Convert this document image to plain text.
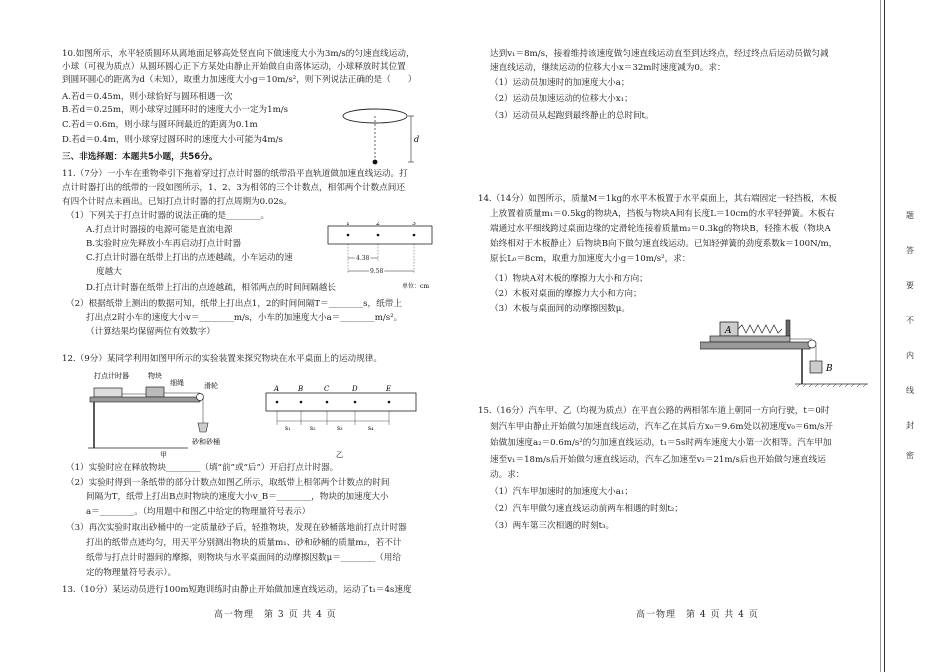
10.如图所示，水平轻质圆环从离地面足够高处竖直向下做速度大小为3m/s的匀速直线运动，
小球（可视为质点）从圆环圆心正下方某处由静止开始做自由落体运动，小球释放时其位置
到圆环圆心的距离为d（未知），取重力加速度大小g＝10m/s²，则下列说法正确的是（　　）
A.若d＝0.45m，则小球恰好与圆环相遇一次
B.若d＝0.25m，则小球穿过圆环时的速度大小一定为1m/s
C.若d＝0.6m，则小球与圆环间最近的距离为0.1m
D.若d＝0.4m，则小球穿过圆环时的速度大小可能为4m/s	d
三、非选择题：本题共5小题，共56分。
11.（7分）一小车在重物牵引下拖着穿过打点计时器的纸带沿平直轨道做加速直线运动。打
点计时器打出的纸带的一段如图所示，1、2、3为相邻的三个计数点，相邻两个计数点间还
有四个计时点未画出。已知打点计时器的打点周期为0.02s。
（1）下列关于打点计时器的说法正确的是________。
A.打点计时器接的电源可能是直流电源
B.实验时应先释放小车再启动打点计时器
C.打点计时器在纸带上打出的点迹越疏，小车运动的速
度越大
D.打点计时器在纸带上打出的点迹越疏，相邻两点的时间间隔越长
（2）根据纸带上测出的数据可知，纸带上打出点1，2的时间间隔T＝________s，纸带上
打出点2时小车的速度大小v＝________m/s，小车的加速度大小a＝________m/s²。
（计算结果均保留两位有效数字）
1	2	3
4.38
9.58
单位：cm
12.（9分）某同学利用如图甲所示的实验装置来探究物块在水平桌面上的运动规律。
打点计时器	物块
细绳	滑轮
砂和砂桶
甲
A	B	C	D	E
s₁	s₂	s₃	s₄
乙
（1）实验时应在释放物块________（填“前”或“后”）开启打点计时器。
（2）实验时得到一条纸带的部分计数点如图乙所示，取纸带上相邻两个计数点的时间
间隔为T，纸带上打出B点时物块的速度大小v_B＝________，物块的加速度大小
a＝________。（均用题中和图乙中给定的物理量符号表示）
（3）再次实验时取出砂桶中的一定质量砂子后，轻推物块，发现在砂桶落地前打点计时器
打出的纸带点迹均匀，用天平分别测出物块的质量m₁、砂和砂桶的质量m₂，若不计
纸带与打点计时器间的摩擦，则物块与水平桌面间的动摩擦因数μ＝________（用给
定的物理量符号表示）。
13.（10分）某运动员进行100m短跑训练时由静止开始做加速直线运动，运动了t₁＝4s速度
高一物理　第 3 页 共 4 页
达到v₁＝8m/s，接着维持该速度做匀速直线运动直至到达终点，经过终点后运动员做匀减
速直线运动，继续运动的位移大小x＝32m时速度减为0。求：
（1）运动员加速时的加速度大小a；
（2）运动员加速运动的位移大小x₁；
（3）运动员从起跑到最终静止的总时间t。
14.（14分）如图所示，质量M＝1kg的水平木板置于水平桌面上，其右端固定一轻挡板，木板
上放置着质量m₁＝0.5kg的物块A，挡板与物块A间有长度L＝10cm的水平轻弹簧。木板右
端通过水平细线跨过桌面边缘的定滑轮连接着质量m₂＝0.3kg的物块B，轻推木板（物块A
始终相对于木板静止）后物块B向下做匀速直线运动。已知轻弹簧的劲度系数k＝100N/m，
原长L₀＝8cm，取重力加速度大小g＝10m/s²，求：
（1）物块A对木板的摩擦力大小和方向；
（2）木板对桌面的摩擦力大小和方向；
（3）木板与桌面间的动摩擦因数μ。
A
B
15.（16分）汽车甲、乙（均视为质点）在平直公路的两相邻车道上朝同一方向行驶，t＝0时
刻汽车甲由静止开始做匀加速直线运动，汽车乙在其后方x₀＝9.6m处以初速度v₀＝6m/s开
始做加速度a₂＝0.6m/s²的匀加速直线运动，t₁＝5s时两车速度大小第一次相等。汽车甲加
速至v₁＝18m/s后开始做匀速直线运动，汽车乙加速至v₂＝21m/s后也开始做匀速直线运
动。求：
（1）汽车甲加速时的加速度大小a₁；
（2）汽车甲做匀速直线运动前两车相遇的时刻t₂；
（3）两车第三次相遇的时刻t₃。
高一物理　第 4 页 共 4 页
题
答
要
不
内
线
封
密
